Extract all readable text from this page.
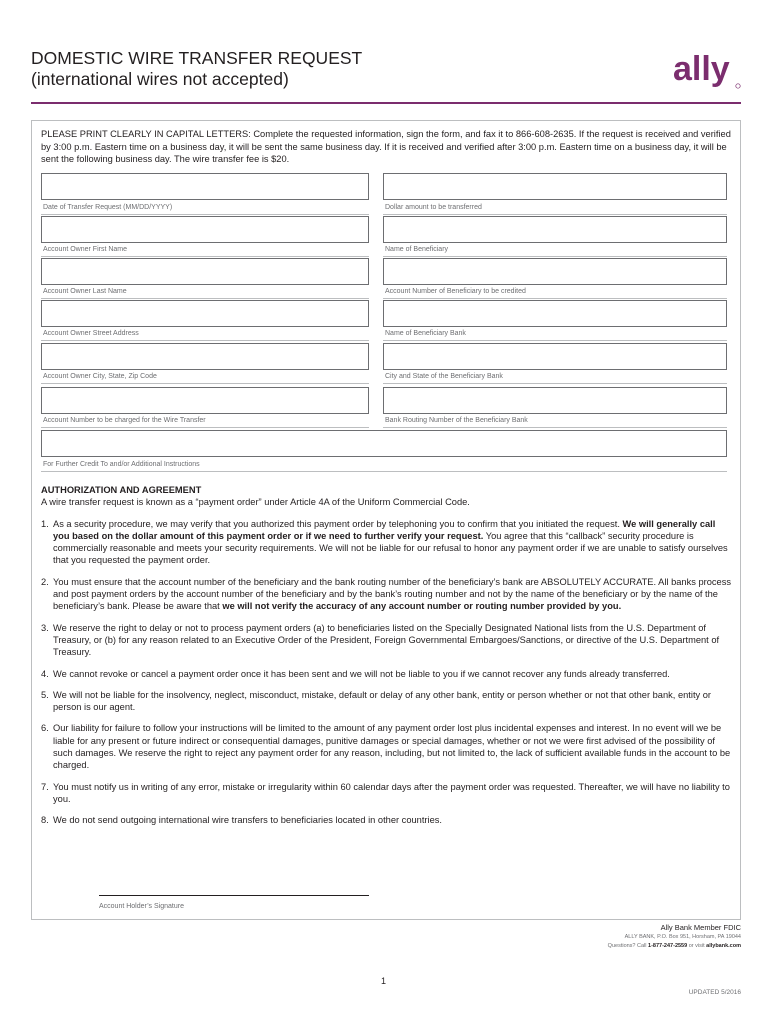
DOMESTIC WIRE TRANSFER REQUEST
(international wires not accepted)	ally
PLEASE PRINT CLEARLY IN CAPITAL LETTERS: Complete the requested information, sign the form, and fax it to 866-608-2635. If the request is received and verified by 3:00 p.m. Eastern time on a business day, it will be sent the same business day. If it is received and verified after 3:00 p.m. Eastern time on a business day, it will be sent the following business day. The wire transfer fee is $20.
Date of Transfer Request (MM/DD/YYYY)
Account Owner First Name
Account Owner Last Name
Account Owner Street Address
Account Owner City, State, Zip Code
Account Number to be charged for the Wire Transfer
Dollar amount to be transferred
Name of Beneficiary
Account Number of Beneficiary to be credited
Name of Beneficiary Bank
City and State of the Beneficiary Bank
Bank Routing Number of the Beneficiary Bank
For Further Credit To and/or Additional Instructions
AUTHORIZATION AND AGREEMENT

A wire transfer request is known as a “payment order” under Article 4A of the Uniform Commercial Code.

1. As a security procedure, we may verify that you authorized this payment order by telephoning you to confirm that you initiated the request. We will generally call you based on the dollar amount of this payment order or if we need to further verify your request. You agree that this “callback” security procedure is commercially reasonable and meets your security requirements. We will not be liable for our refusal to honor any payment order if we are unable to satisfy ourselves that you requested the payment order.
2. You must ensure that the account number of the beneficiary and the bank routing number of the beneficiary’s bank are ABSOLUTELY ACCURATE. All banks process and post payment orders by the account number of the beneficiary and by the bank’s routing number and not by the name of the beneficiary or by the name of the beneficiary’s bank. Please be aware that we will not verify the accuracy of any account number or routing number provided by you.
3. We reserve the right to delay or not to process payment orders (a) to beneficiaries listed on the Specially Designated National lists from the U.S. Department of Treasury, or (b) for any reason related to an Executive Order of the President, Foreign Governmental Embargoes/Sanctions, or directive of the U.S. Department of Treasury.
4. We cannot revoke or cancel a payment order once it has been sent and we will not be liable to you if we cannot recover any funds already transferred.
5. We will not be liable for the insolvency, neglect, misconduct, mistake, default or delay of any other bank, entity or person whether or not that other bank, entity or person is our agent.
6. Our liability for failure to follow your instructions will be limited to the amount of any payment order lost plus incidental expenses and interest. In no event will we be liable for any present or future indirect or consequential damages, punitive damages or special damages, whether or not we were first advised of the possibility of such damages. We reserve the right to reject any payment order for any reason, including, but not limited to, the lack of sufficient available funds in the account to be charged.
7. You must notify us in writing of any error, mistake or irregularity within 60 calendar days after the payment order was requested. Thereafter, we will have no liability to you.
8. We do not send outgoing international wire transfers to beneficiaries located in other countries.
Account Holder’s Signature
Ally Bank Member FDIC
ALLY BANK, P.O. Box 951, Horsham, PA 19044
Questions? Call 1-877-247-2559 or visit allybank.com
1
UPDATED 5/2016
